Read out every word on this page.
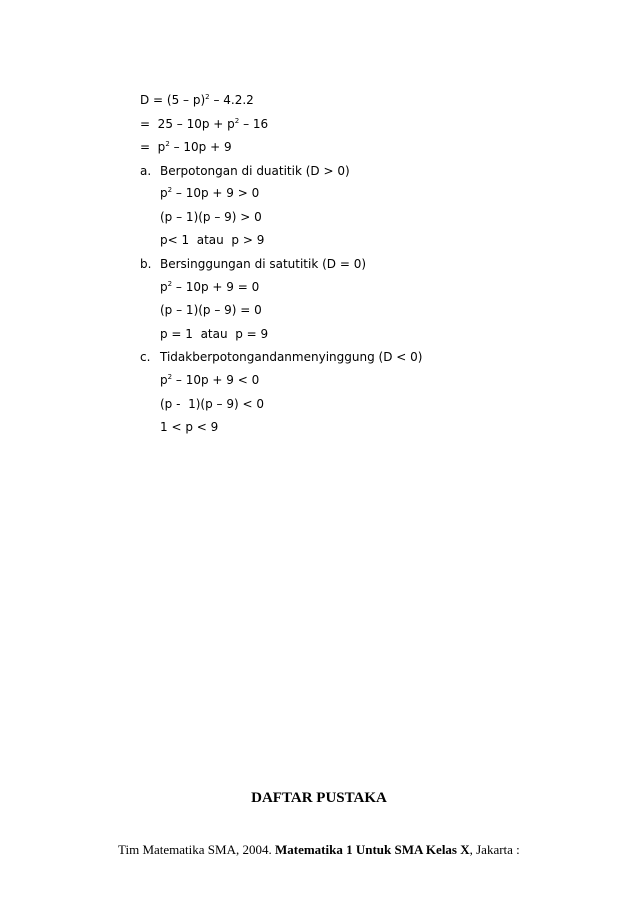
D = (5 – p)$^2$ – 4.2.2
=  $25 - 10p + p^2 - 16$
=  $p^2 - 10p + 9$
a. Berpotongan di duatitik (D > 0)
$p^2 - 10p + 9 > 0$
(p – 1)(p – 9) > 0
p< 1  atau  p > 9
b. Bersinggungan di satutitik (D = 0)
$p^2 - 10p + 9 = 0$
(p – 1)(p – 9) = 0
p = 1  atau  p = 9
c. Tidakberpotongandanmenyinggung (D < 0)
$p^2 - 10p + 9 < 0$
(p -  1)(p – 9) < 0
1 < p < 9
DAFTAR PUSTAKA
Tim Matematika SMA, 2004. Matematika 1 Untuk SMA Kelas X, Jakarta :
